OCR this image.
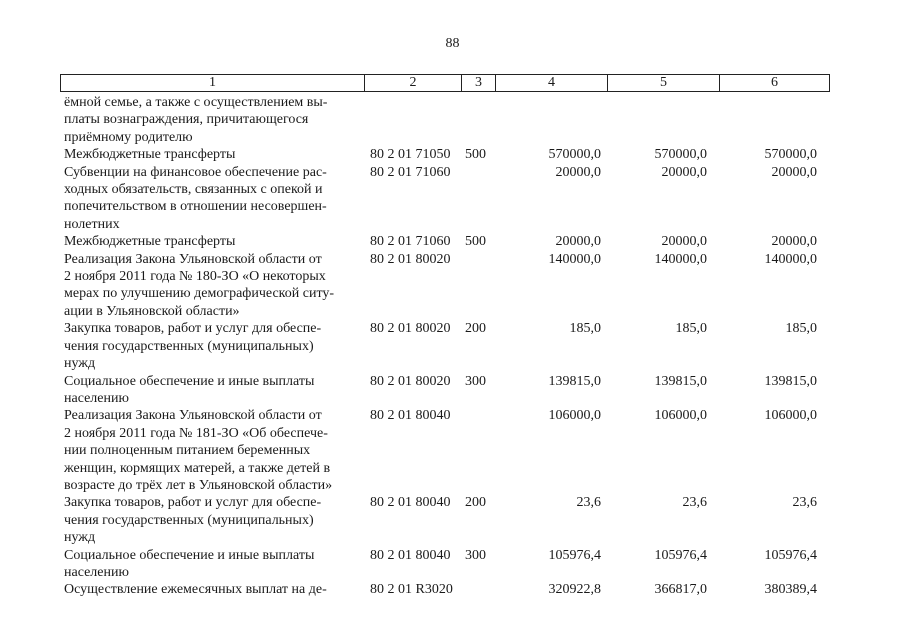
88
1	2	3	4	5	6
ёмной семье, а также с осуществлением вы-
платы вознаграждения, причитающегося
приёмному родителю					
Межбюджетные трансферты	80 2 01 71050	500	570000,0	570000,0	570000,0
Субвенции на финансовое обеспечение рас-
ходных обязательств, связанных с опекой и
попечительством в отношении несовершен-
нолетних	80 2 01 71060		20000,0	20000,0	20000,0
Межбюджетные трансферты	80 2 01 71060	500	20000,0	20000,0	20000,0
Реализация Закона Ульяновской области от
2 ноября 2011 года № 180-ЗО «О некоторых
мерах по улучшению демографической ситу-
ации в Ульяновской области»	80 2 01 80020		140000,0	140000,0	140000,0
Закупка товаров, работ и услуг для обеспе-
чения государственных (муниципальных)
нужд	80 2 01 80020	200	185,0	185,0	185,0
Социальное обеспечение и иные выплаты
населению	80 2 01 80020	300	139815,0	139815,0	139815,0
Реализация Закона Ульяновской области от
2 ноября 2011 года № 181-ЗО «Об обеспече-
нии полноценным питанием беременных
женщин, кормящих матерей, а также детей в
возрасте до трёх лет в Ульяновской области»	80 2 01 80040		106000,0	106000,0	106000,0
Закупка товаров, работ и услуг для обеспе-
чения государственных (муниципальных)
нужд	80 2 01 80040	200	23,6	23,6	23,6
Социальное обеспечение и иные выплаты
населению	80 2 01 80040	300	105976,4	105976,4	105976,4
Осуществление ежемесячных выплат на де-	80 2 01 R3020		320922,8	366817,0	380389,4
